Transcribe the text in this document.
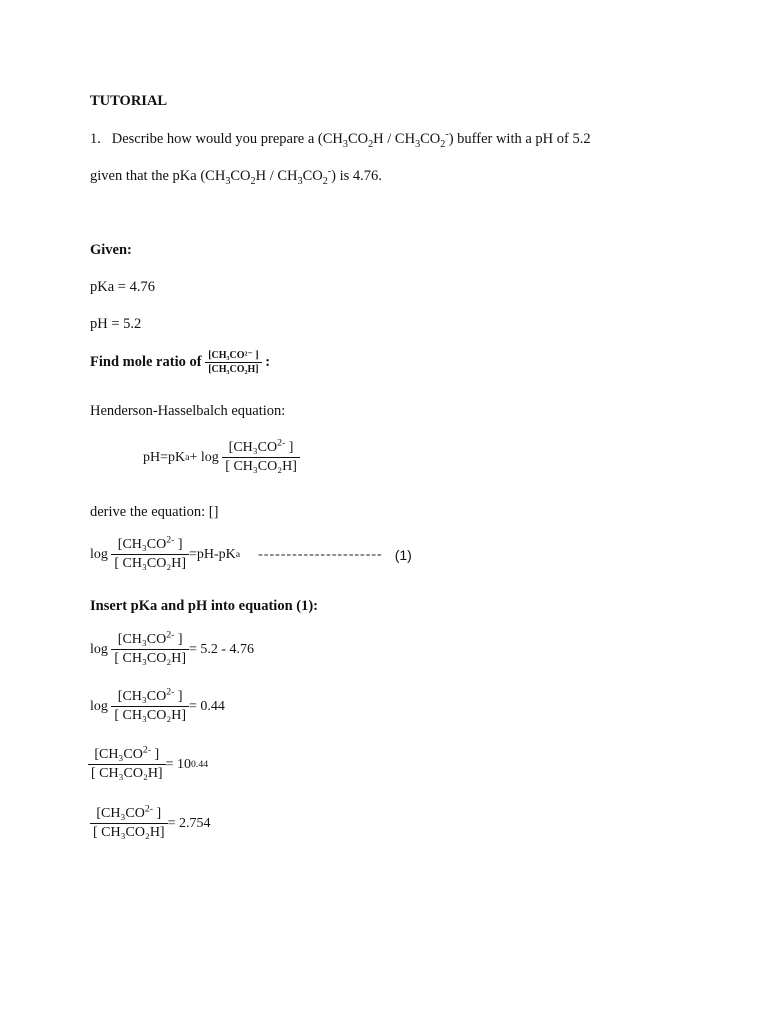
TUTORIAL
1. Describe how would you prepare a $(CH_3CO_2H / CH_3CO_2^-)$ buffer with a pH of 5.2
given that the pKa $(CH_3CO_2H / CH_3CO_2^-)$ is 4.76.
Given:
pKa = 4.76
pH = 5.2
Find mole ratio of
$\frac{\text{[CH₃CO²⁻ ]}}{\text{[CH₃CO₂H]}}$
:
Henderson-Hasselbalch equation:
pH=pK a + log
$\frac{[CH_3CO^{2-} ]}{\text{[ CH₃CO₂H]}}$
derive the equation: []
log
$\frac{[CH_3CO^{2-} ]}{\text{[ CH₃CO₂H]}} =pH-pK$ a ---------------------- (1)
Insert pKa and pH into equation (1):
log
$\frac{[CH_3CO^{2-} ]}{\text{[ CH₃CO₂H]}} = 5.2 - 4.76$
log
$\frac{[CH_3CO^{2-} ]}{\text{[ CH₃CO₂H]}} = 0.44$
$\frac{[CH_3CO^{2-} ]}{\text{[ CH₃CO₂H]}} = 10$ 0.44
$\frac{[CH_3CO^{2-} ]}{\text{[ CH₃CO₂H]}} = 2.754$
